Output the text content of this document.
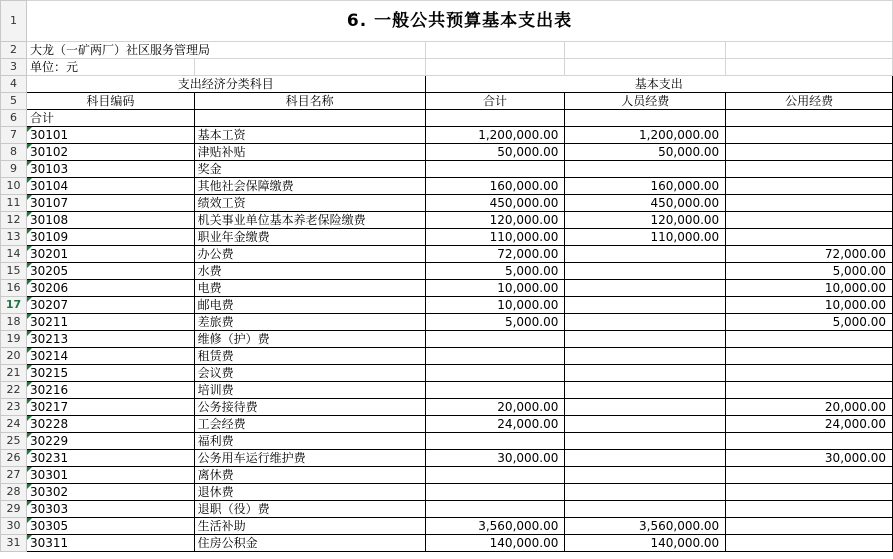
1	6. 一般公共预算基本支出表				
2	大龙（一矿两厂）社区服务管理局				
3	单位：元				
4	支出经济分类科目		基本支出		
5	科目编码	科目名称	合计	人员经费	公用经费
6	合计				
7	30101	基本工资	1,200,000.00	1,200,000.00	
8	30102	津贴补贴	50,000.00	50,000.00	
9	30103	奖金			
10	30104	其他社会保障缴费	160,000.00	160,000.00	
11	30107	绩效工资	450,000.00	450,000.00	
12	30108	机关事业单位基本养老保险缴费	120,000.00	120,000.00	
13	30109	职业年金缴费	110,000.00	110,000.00	
14	30201	办公费	72,000.00		72,000.00
15	30205	水费	5,000.00		5,000.00
16	30206	电费	10,000.00		10,000.00
17	30207	邮电费	10,000.00		10,000.00
18	30211	差旅费	5,000.00		5,000.00
19	30213	维修（护）费			
20	30214	租赁费			
21	30215	会议费			
22	30216	培训费			
23	30217	公务接待费	20,000.00		20,000.00
24	30228	工会经费	24,000.00		24,000.00
25	30229	福利费			
26	30231	公务用车运行维护费	30,000.00		30,000.00
27	30301	离休费			
28	30302	退休费			
29	30303	退职（役）费			
30	30305	生活补助	3,560,000.00	3,560,000.00	
31	30311	住房公积金	140,000.00	140,000.00	
